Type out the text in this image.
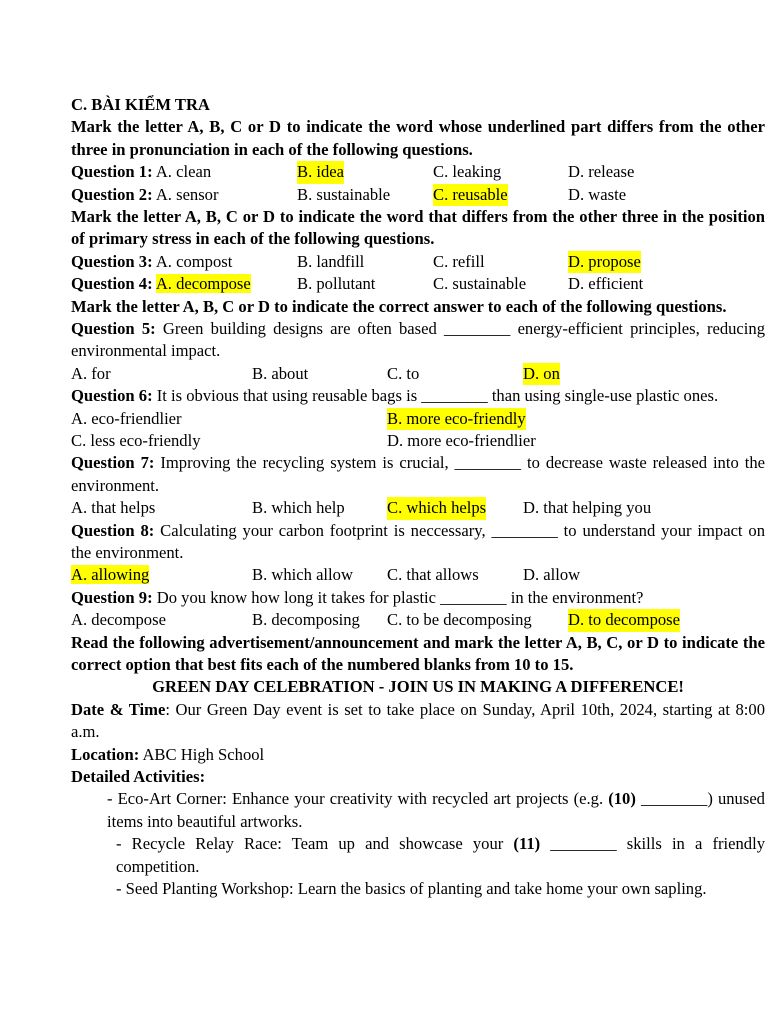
C. BÀI KIỂM TRA
Mark the letter A, B, C or D to indicate the word whose underlined part differs from the other three in pronunciation in each of the following questions.
Question 1: A. clean	B. idea	C. leaking	D. release
Question 2: A. sensor	B. sustainable	C. reusable	D. waste
Mark the letter A, B, C or D to indicate the word that differs from the other three in the position of primary stress in each of the following questions.
Question 3: A. compost	B. landfill	C. refill	D. propose
Question 4: A. decompose	B. pollutant	C. sustainable	D. efficient
Mark the letter A, B, C or D to indicate the correct answer to each of the following questions.
Question 5: Green building designs are often based ________ energy-efficient principles, reducing environmental impact.
A. for	B. about	C. to	D. on
Question 6: It is obvious that using reusable bags is ________ than using single-use plastic ones.
A. eco-friendlier	B. more eco-friendly
C. less eco-friendly	D. more eco-friendlier
Question 7: Improving the recycling system is crucial, ________ to decrease waste released into the environment.
A. that helps	B. which help	C. which helps D. that helping you
Question 8: Calculating your carbon footprint is neccessary, ________ to understand your impact on the environment.
A. allowing	B. which allow C. that allows	D. allow
Question 9: Do you know how long it takes for plastic ________ in the environment?
A. decompose	B. decomposing C. to be decomposing D. to decompose
Read the following advertisement/announcement and mark the letter A, B, C, or D to indicate the correct option that best fits each of the numbered blanks from 10 to 15.
GREEN DAY CELEBRATION - JOIN US IN MAKING A DIFFERENCE!
Date & Time: Our Green Day event is set to take place on Sunday, April 10th, 2024, starting at 8:00 a.m.
Location: ABC High School
Detailed Activities:
- Eco-Art Corner: Enhance your creativity with recycled art projects (e.g. (10) ________) unused items into beautiful artworks.
- Recycle Relay Race: Team up and showcase your (11) ________ skills in a friendly competition.
- Seed Planting Workshop: Learn the basics of planting and take home your own sapling.
